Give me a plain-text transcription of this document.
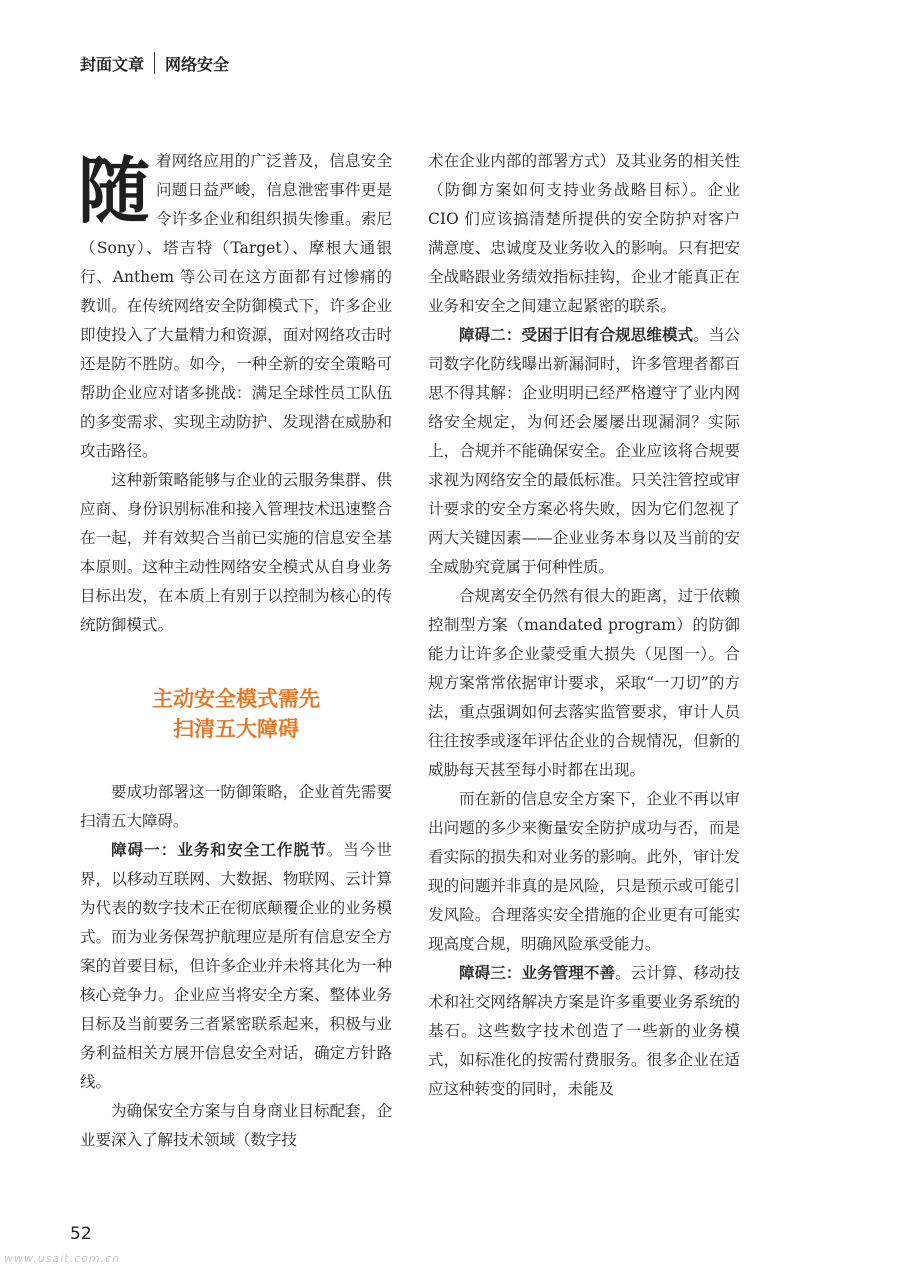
封面文章 网络安全

随着网络应用的广泛普及，信息安全问题日益严峻，信息泄密事件更是令许多企业和组织损失惨重。索尼（Sony）、塔吉特（Target）、摩根大通银行、Anthem 等公司在这方面都有过惨痛的教训。在传统网络安全防御模式下，许多企业即使投入了大量精力和资源，面对网络攻击时还是防不胜防。如今，一种全新的安全策略可帮助企业应对诸多挑战：满足全球性员工队伍的多变需求、实现主动防护、发现潜在威胁和攻击路径。

这种新策略能够与企业的云服务集群、供应商、身份识别标准和接入管理技术迅速整合在一起，并有效契合当前已实施的信息安全基本原则。这种主动性网络安全模式从自身业务目标出发，在本质上有别于以控制为核心的传统防御模式。

主动安全模式需先
扫清五大障碍

要成功部署这一防御策略，企业首先需要扫清五大障碍。

障碍一：业务和安全工作脱节。当今世界，以移动互联网、大数据、物联网、云计算为代表的数字技术正在彻底颠覆企业的业务模式。而为业务保驾护航理应是所有信息安全方案的首要目标，但许多企业并未将其化为一种核心竞争力。企业应当将安全方案、整体业务目标及当前要务三者紧密联系起来，积极与业务利益相关方展开信息安全对话，确定方针路线。

为确保安全方案与自身商业目标配套，企业要深入了解技术领域（数字技

术在企业内部的部署方式）及其业务的相关性（防御方案如何支持业务战略目标）。企业 CIO 们应该搞清楚所提供的安全防护对客户满意度、忠诚度及业务收入的影响。只有把安全战略跟业务绩效指标挂钩，企业才能真正在业务和安全之间建立起紧密的联系。

障碍二：受困于旧有合规思维模式。当公司数字化防线曝出新漏洞时，许多管理者都百思不得其解：企业明明已经严格遵守了业内网络安全规定，为何还会屡屡出现漏洞？实际上，合规并不能确保安全。企业应该将合规要求视为网络安全的最低标准。只关注管控或审计要求的安全方案必将失败，因为它们忽视了两大关键因素——企业业务本身以及当前的安全威胁究竟属于何种性质。

合规离安全仍然有很大的距离，过于依赖控制型方案（mandated program）的防御能力让许多企业蒙受重大损失（见图一）。合规方案常常依据审计要求，采取“一刀切”的方法，重点强调如何去落实监管要求，审计人员往往按季或逐年评估企业的合规情况，但新的威胁每天甚至每小时都在出现。

而在新的信息安全方案下，企业不再以审出问题的多少来衡量安全防护成功与否，而是看实际的损失和对业务的影响。此外，审计发现的问题并非真的是风险，只是预示或可能引发风险。合理落实安全措施的企业更有可能实现高度合规，明确风险承受能力。

障碍三：业务管理不善。云计算、移动技术和社交网络解决方案是许多重要业务系统的基石。这些数字技术创造了一些新的业务模式，如标准化的按需付费服务。很多企业在适应这种转变的同时，未能及

52
www.usait.com.cn
